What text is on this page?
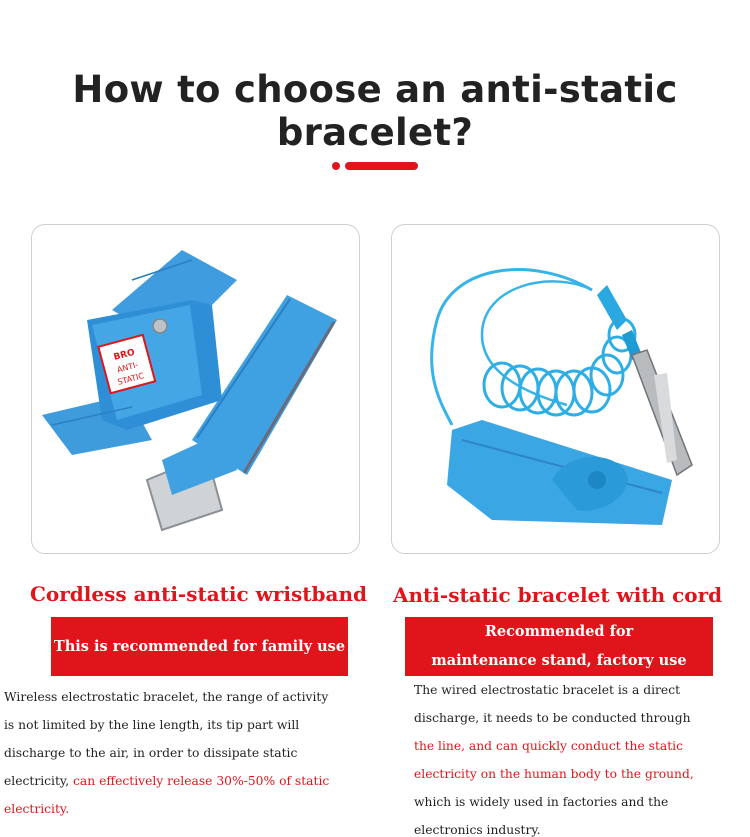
How to choose an anti-static bracelet?
BRO
ANTI-
STATIC
Cordless anti-static wristband Anti-static bracelet with cord
This is recommended for family use
Recommended for
maintenance stand, factory use
Wireless electrostatic bracelet, the range of activity
is not limited by the line length, its tip part will
discharge to the air, in order to dissipate static
electricity, can effectively release 30%-50% of static
electricity.
The wired electrostatic bracelet is a direct
discharge, it needs to be conducted through
the line, and can quickly conduct the static
electricity on the human body to the ground,
which is widely used in factories and the
electronics industry.
